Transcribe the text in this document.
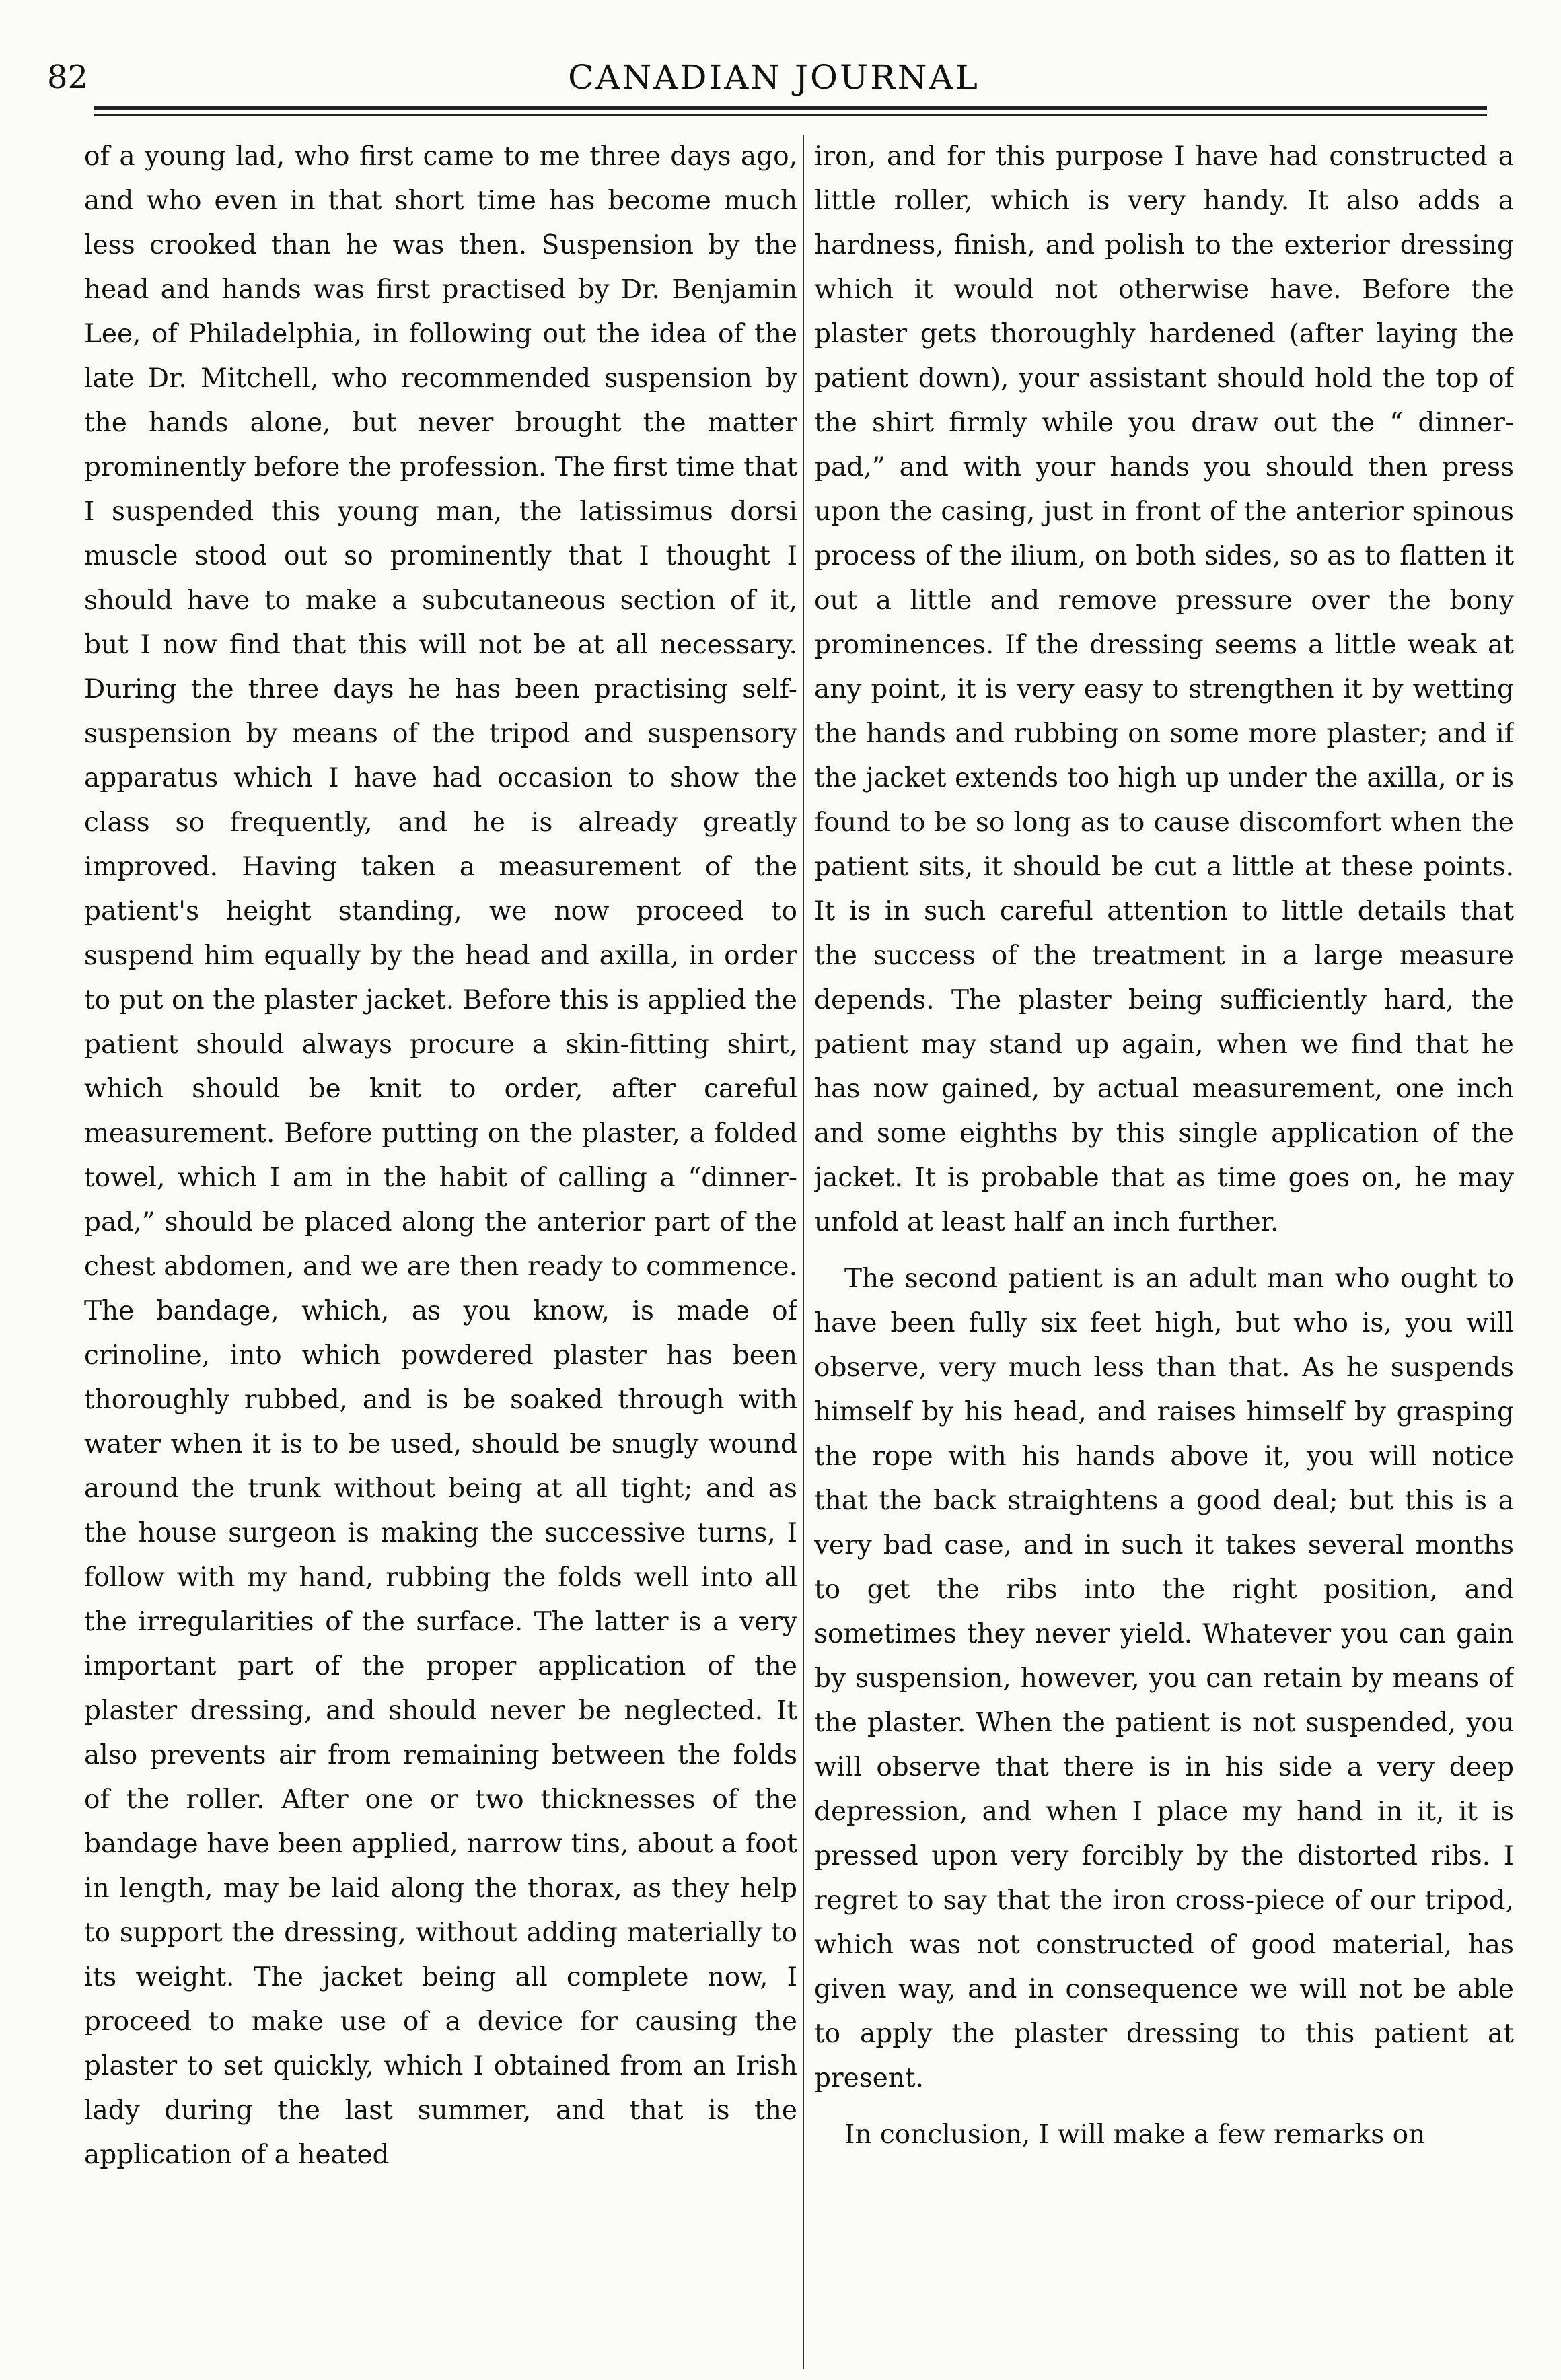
82	CANADIAN JOURNAL

of a young lad, who first came to me three days ago, and who even in that short time has become much less crooked than he was then. Suspension by the head and hands was first practised by Dr. Benjamin Lee, of Philadelphia, in following out the idea of the late Dr. Mitchell, who recommended suspension by the hands alone, but never brought the matter prominently before the profession. The first time that I suspended this young man, the latissimus dorsi muscle stood out so prominently that I thought I should have to make a subcutaneous section of it, but I now find that this will not be at all necessary. During the three days he has been practising self-suspension by means of the tripod and suspensory apparatus which I have had occasion to show the class so frequently, and he is already greatly improved. Having taken a measurement of the patient's height standing, we now proceed to suspend him equally by the head and axilla, in order to put on the plaster jacket. Before this is applied the patient should always procure a skin-fitting shirt, which should be knit to order, after careful measurement. Before putting on the plaster, a folded towel, which I am in the habit of calling a “dinner-pad,” should be placed along the anterior part of the chest abdomen, and we are then ready to commence. The bandage, which, as you know, is made of crinoline, into which powdered plaster has been thoroughly rubbed, and is be soaked through with water when it is to be used, should be snugly wound around the trunk without being at all tight; and as the house surgeon is making the successive turns, I follow with my hand, rubbing the folds well into all the irregularities of the surface. The latter is a very important part of the proper application of the plaster dressing, and should never be neglected. It also prevents air from remaining between the folds of the roller. After one or two thicknesses of the bandage have been applied, narrow tins, about a foot in length, may be laid along the thorax, as they help to support the dressing, without adding materially to its weight. The jacket being all complete now, I proceed to make use of a device for causing the plaster to set quickly, which I obtained from an Irish lady during the last summer, and that is the application of a heated

iron, and for this purpose I have had constructed a little roller, which is very handy. It also adds a hardness, finish, and polish to the exterior dressing which it would not otherwise have. Before the plaster gets thoroughly hardened (after laying the patient down), your assistant should hold the top of the shirt firmly while you draw out the “ dinner-pad,” and with your hands you should then press upon the casing, just in front of the anterior spinous process of the ilium, on both sides, so as to flatten it out a little and remove pressure over the bony prominences. If the dressing seems a little weak at any point, it is very easy to strengthen it by wetting the hands and rubbing on some more plaster; and if the jacket extends too high up under the axilla, or is found to be so long as to cause discomfort when the patient sits, it should be cut a little at these points. It is in such careful attention to little details that the success of the treatment in a large measure depends. The plaster being sufficiently hard, the patient may stand up again, when we find that he has now gained, by actual measurement, one inch and some eighths by this single application of the jacket. It is probable that as time goes on, he may unfold at least half an inch further.

The second patient is an adult man who ought to have been fully six feet high, but who is, you will observe, very much less than that. As he suspends himself by his head, and raises himself by grasping the rope with his hands above it, you will notice that the back straightens a good deal; but this is a very bad case, and in such it takes several months to get the ribs into the right position, and sometimes they never yield. Whatever you can gain by suspension, however, you can retain by means of the plaster. When the patient is not suspended, you will observe that there is in his side a very deep depression, and when I place my hand in it, it is pressed upon very forcibly by the distorted ribs. I regret to say that the iron cross-piece of our tripod, which was not constructed of good material, has given way, and in consequence we will not be able to apply the plaster dressing to this patient at present.

In conclusion, I will make a few remarks on
